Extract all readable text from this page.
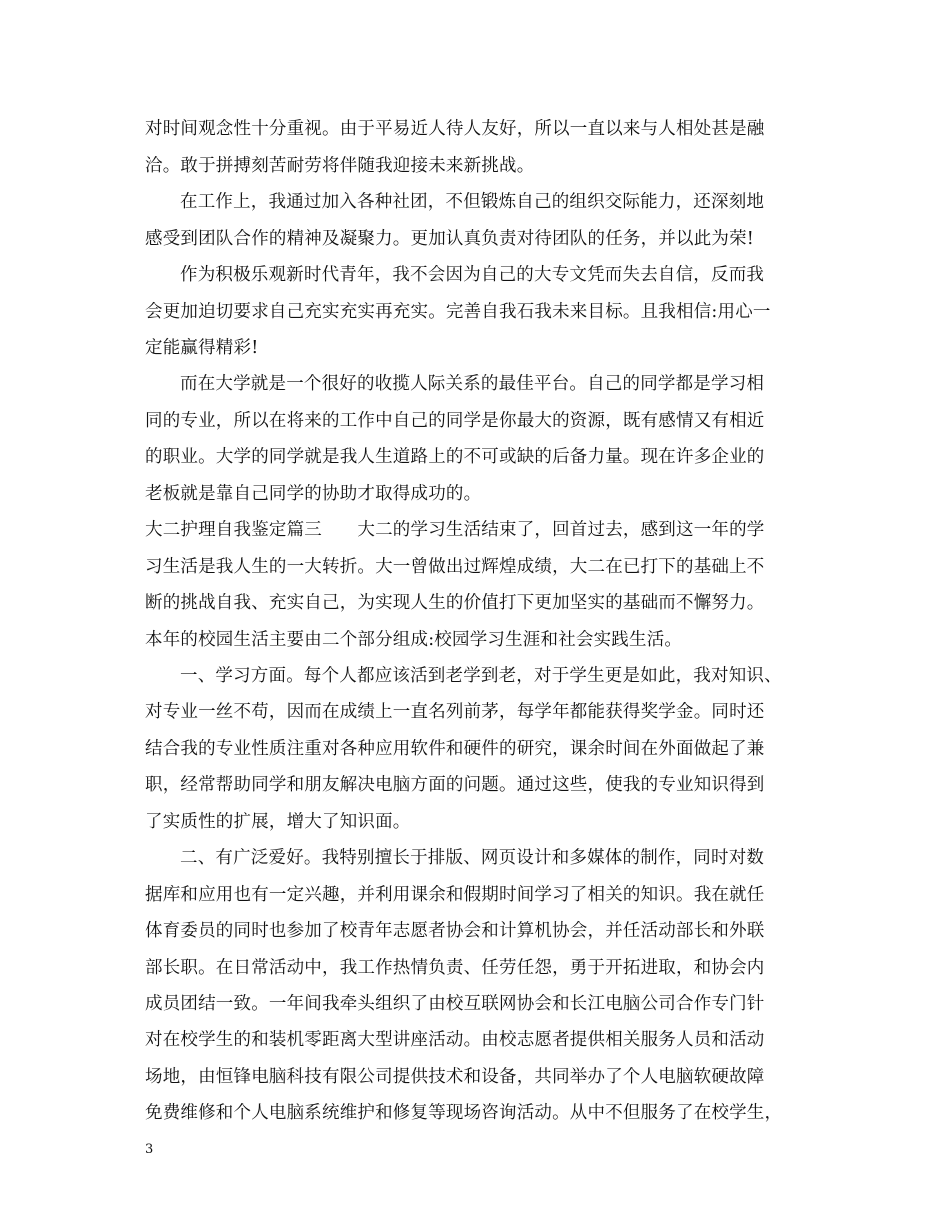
对时间观念性十分重视。由于平易近人待人友好，所以一直以来与人相处甚是融
洽。敢于拼搏刻苦耐劳将伴随我迎接未来新挑战。
在工作上，我通过加入各种社团，不但锻炼自己的组织交际能力，还深刻地
感受到团队合作的精神及凝聚力。更加认真负责对待团队的任务，并以此为荣!
作为积极乐观新时代青年，我不会因为自己的大专文凭而失去自信，反而我
会更加迫切要求自己充实充实再充实。完善自我石我未来目标。且我相信:用心一
定能赢得精彩!
而在大学就是一个很好的收揽人际关系的最佳平台。自己的同学都是学习相
同的专业，所以在将来的工作中自己的同学是你最大的资源，既有感情又有相近
的职业。大学的同学就是我人生道路上的不可或缺的后备力量。现在许多企业的
老板就是靠自己同学的协助才取得成功的。
大二护理自我鉴定篇三　　大二的学习生活结束了，回首过去，感到这一年的学
习生活是我人生的一大转折。大一曾做出过辉煌成绩，大二在已打下的基础上不
断的挑战自我、充实自己，为实现人生的价值打下更加坚实的基础而不懈努力。
本年的校园生活主要由二个部分组成:校园学习生涯和社会实践生活。
一、学习方面。每个人都应该活到老学到老，对于学生更是如此，我对知识、
对专业一丝不苟，因而在成绩上一直名列前茅，每学年都能获得奖学金。同时还
结合我的专业性质注重对各种应用软件和硬件的研究，课余时间在外面做起了兼
职，经常帮助同学和朋友解决电脑方面的问题。通过这些，使我的专业知识得到
了实质性的扩展，增大了知识面。
二、有广泛爱好。我特别擅长于排版、网页设计和多媒体的制作，同时对数
据库和应用也有一定兴趣，并利用课余和假期时间学习了相关的知识。我在就任
体育委员的同时也参加了校青年志愿者协会和计算机协会，并任活动部长和外联
部长职。在日常活动中，我工作热情负责、任劳任怨，勇于开拓进取，和协会内
成员团结一致。一年间我牵头组织了由校互联网协会和长江电脑公司合作专门针
对在校学生的和装机零距离大型讲座活动。由校志愿者提供相关服务人员和活动
场地，由恒锋电脑科技有限公司提供技术和设备，共同举办了个人电脑软硬故障
免费维修和个人电脑系统维护和修复等现场咨询活动。从中不但服务了在校学生，
3
